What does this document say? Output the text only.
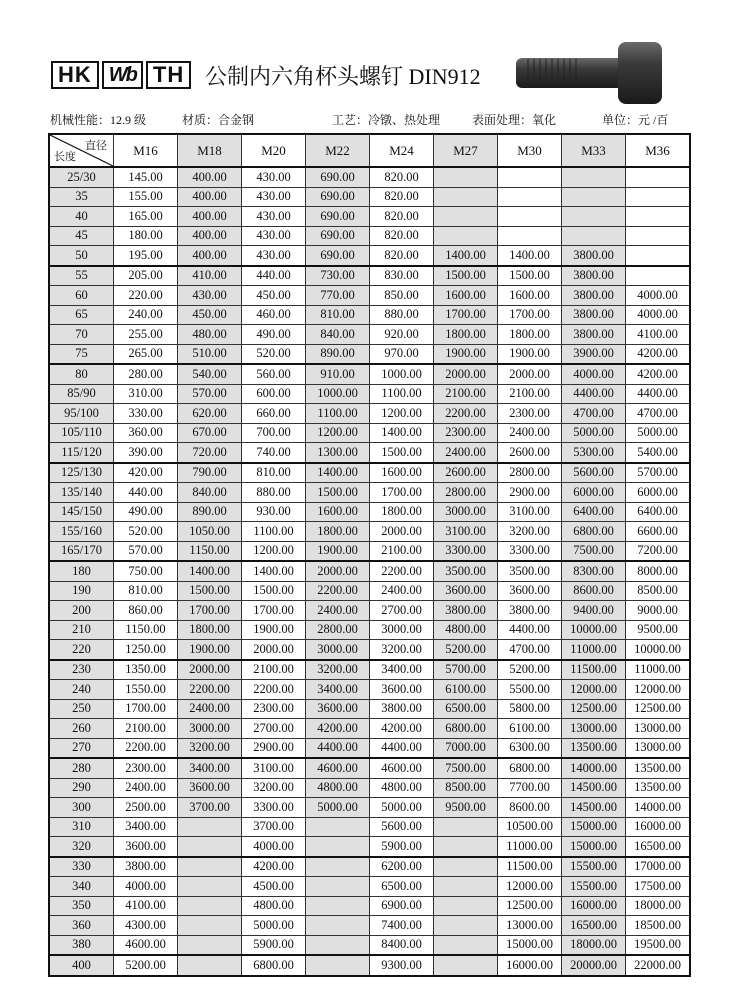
HK Wb TH 公制内六角杯头螺钉 DIN912
机械性能：12.9 级	材质：合金钢	工艺：冷镦、热处理	表面处理：氧化	单位：元 /百
直径
长度	M16	M18	M20	M22	M24	M27	M30	M33	M36
25/30	145.00	400.00	430.00	690.00	820.00				
35	155.00	400.00	430.00	690.00	820.00				
40	165.00	400.00	430.00	690.00	820.00				
45	180.00	400.00	430.00	690.00	820.00				
50	195.00	400.00	430.00	690.00	820.00	1400.00	1400.00	3800.00	
55	205.00	410.00	440.00	730.00	830.00	1500.00	1500.00	3800.00	
60	220.00	430.00	450.00	770.00	850.00	1600.00	1600.00	3800.00	4000.00
65	240.00	450.00	460.00	810.00	880.00	1700.00	1700.00	3800.00	4000.00
70	255.00	480.00	490.00	840.00	920.00	1800.00	1800.00	3800.00	4100.00
75	265.00	510.00	520.00	890.00	970.00	1900.00	1900.00	3900.00	4200.00
80	280.00	540.00	560.00	910.00	1000.00	2000.00	2000.00	4000.00	4200.00
85/90	310.00	570.00	600.00	1000.00	1100.00	2100.00	2100.00	4400.00	4400.00
95/100	330.00	620.00	660.00	1100.00	1200.00	2200.00	2300.00	4700.00	4700.00
105/110	360.00	670.00	700.00	1200.00	1400.00	2300.00	2400.00	5000.00	5000.00
115/120	390.00	720.00	740.00	1300.00	1500.00	2400.00	2600.00	5300.00	5400.00
125/130	420.00	790.00	810.00	1400.00	1600.00	2600.00	2800.00	5600.00	5700.00
135/140	440.00	840.00	880.00	1500.00	1700.00	2800.00	2900.00	6000.00	6000.00
145/150	490.00	890.00	930.00	1600.00	1800.00	3000.00	3100.00	6400.00	6400.00
155/160	520.00	1050.00	1100.00	1800.00	2000.00	3100.00	3200.00	6800.00	6600.00
165/170	570.00	1150.00	1200.00	1900.00	2100.00	3300.00	3300.00	7500.00	7200.00
180	750.00	1400.00	1400.00	2000.00	2200.00	3500.00	3500.00	8300.00	8000.00
190	810.00	1500.00	1500.00	2200.00	2400.00	3600.00	3600.00	8600.00	8500.00
200	860.00	1700.00	1700.00	2400.00	2700.00	3800.00	3800.00	9400.00	9000.00
210	1150.00	1800.00	1900.00	2800.00	3000.00	4800.00	4400.00	10000.00	9500.00
220	1250.00	1900.00	2000.00	3000.00	3200.00	5200.00	4700.00	11000.00	10000.00
230	1350.00	2000.00	2100.00	3200.00	3400.00	5700.00	5200.00	11500.00	11000.00
240	1550.00	2200.00	2200.00	3400.00	3600.00	6100.00	5500.00	12000.00	12000.00
250	1700.00	2400.00	2300.00	3600.00	3800.00	6500.00	5800.00	12500.00	12500.00
260	2100.00	3000.00	2700.00	4200.00	4200.00	6800.00	6100.00	13000.00	13000.00
270	2200.00	3200.00	2900.00	4400.00	4400.00	7000.00	6300.00	13500.00	13000.00
280	2300.00	3400.00	3100.00	4600.00	4600.00	7500.00	6800.00	14000.00	13500.00
290	2400.00	3600.00	3200.00	4800.00	4800.00	8500.00	7700.00	14500.00	13500.00
300	2500.00	3700.00	3300.00	5000.00	5000.00	9500.00	8600.00	14500.00	14000.00
310	3400.00		3700.00		5600.00		10500.00	15000.00	16000.00
320	3600.00		4000.00		5900.00		11000.00	15000.00	16500.00
330	3800.00		4200.00		6200.00		11500.00	15500.00	17000.00
340	4000.00		4500.00		6500.00		12000.00	15500.00	17500.00
350	4100.00		4800.00		6900.00		12500.00	16000.00	18000.00
360	4300.00		5000.00		7400.00		13000.00	16500.00	18500.00
380	4600.00		5900.00		8400.00		15000.00	18000.00	19500.00
400	5200.00		6800.00		9300.00		16000.00	20000.00	22000.00
